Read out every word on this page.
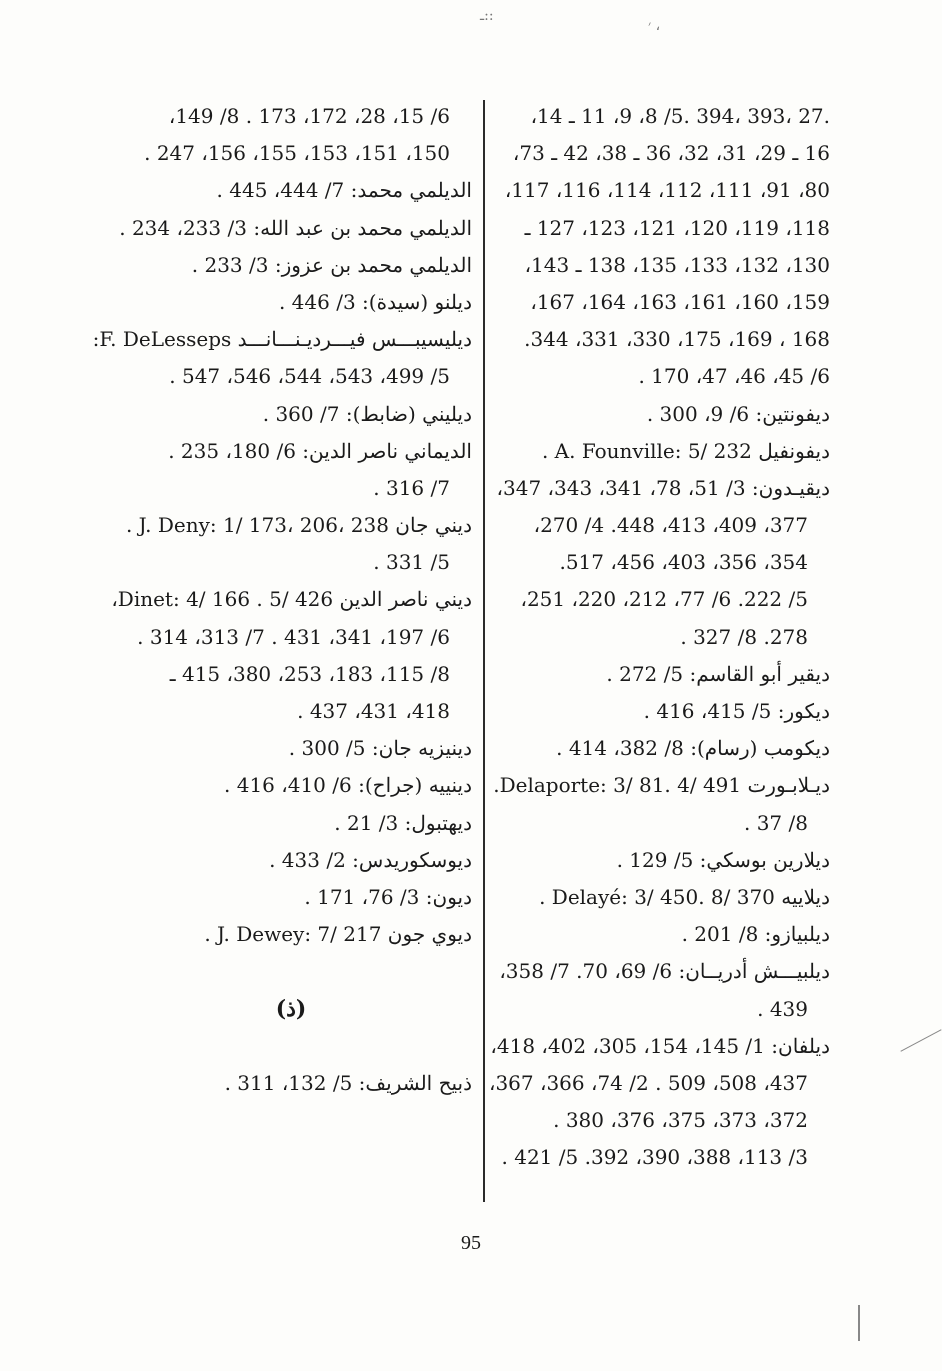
ـ::
׳ ،
.27 ،393 ،394 .5/ 8، 9، 11 ـ 14،
16 ـ 29، 31، 32، 36 ـ 38، 42 ـ 73،
80، 91، 111، 112، 114، 116، 117،
118، 119، 120، 121، 123، 127 ـ
130، 132، 133، 135، 138 ـ 143،
159، 160، 161، 163، 164، 167،
168 ، 169، 175، 330، 331، 344.
6/ 45، 46، 47، 170 .
ديفونتين: 6/ 9، 300 .
ديفونفيل A. Founville: 5/ 232 .
ديقيـدون: 3/ 51، 78، 341، 343، 347،
377، 409، 413، 448. 4/ 270،
354، 356، 403، 456، 517.
5/ 222. 6/ 77، 212، 220، 251،
278. 8/ 327 .
ديقير أبو القاسم: 5/ 272 .
ديكور: 5/ 415، 416 .
ديكومب (رسام): 8/ 382، 414 .
ديـلابـورت Delaporte: 3/ 81. 4/ 491.
8/ 37 .
ديلارين بوسكي: 5/ 129 .
ديلاييه Delayé: 3/ 450. 8/ 370 .
ديلبيازو: 8/ 201 .
ديلبيـــش أدريــان: 6/ 69، 70. 7/ 358،
439 .
ديلفان: 1/ 145، 154، 305، 402، 418،
437، 508، 509 . 2/ 74، 366، 367،
372، 373، 375، 376، 380 .
3/ 113، 388، 390، 392. 5/ 421 .
6/ 15، 28، 172، 173 . 8/ 149،
150، 151، 153، 155، 156، 247 .
الديلمي محمد: 7/ 444، 445 .
الديلمي محمد بن عبد الله: 3/ 233، 234 .
الديلمي محمد بن عزوز: 3/ 233 .
ديلنو (سيدة): 3/ 446 .
ديليسيبـــس فيـــرديـنـــانـــد F. DeLesseps:
5/ 499، 543، 544، 546، 547 .
ديليني (ضابط): 7/ 360 .
الديماني ناصر الدين: 6/ 180، 235 .
7/ 316 .
ديني جان J. Deny: 1/ 173، 206، 238 .
5/ 331 .
ديني ناصر الدين Dinet: 4/ 166 . 5/ 426،
6/ 197، 341، 431 . 7/ 313، 314 .
8/ 115، 183، 253، 380، 415 ـ
418، 431، 437 .
دينيزيه جان: 5/ 300 .
دينييه (جراح): 6/ 410، 416 .
ديهتبول: 3/ 21 .
ديوسكوريدس: 2/ 433 .
ديون: 3/ 76، 171 .
ديوي جون J. Dewey: 7/ 217 .
(ذ)
ذبيح الشريف: 5/ 132، 311 .
95
